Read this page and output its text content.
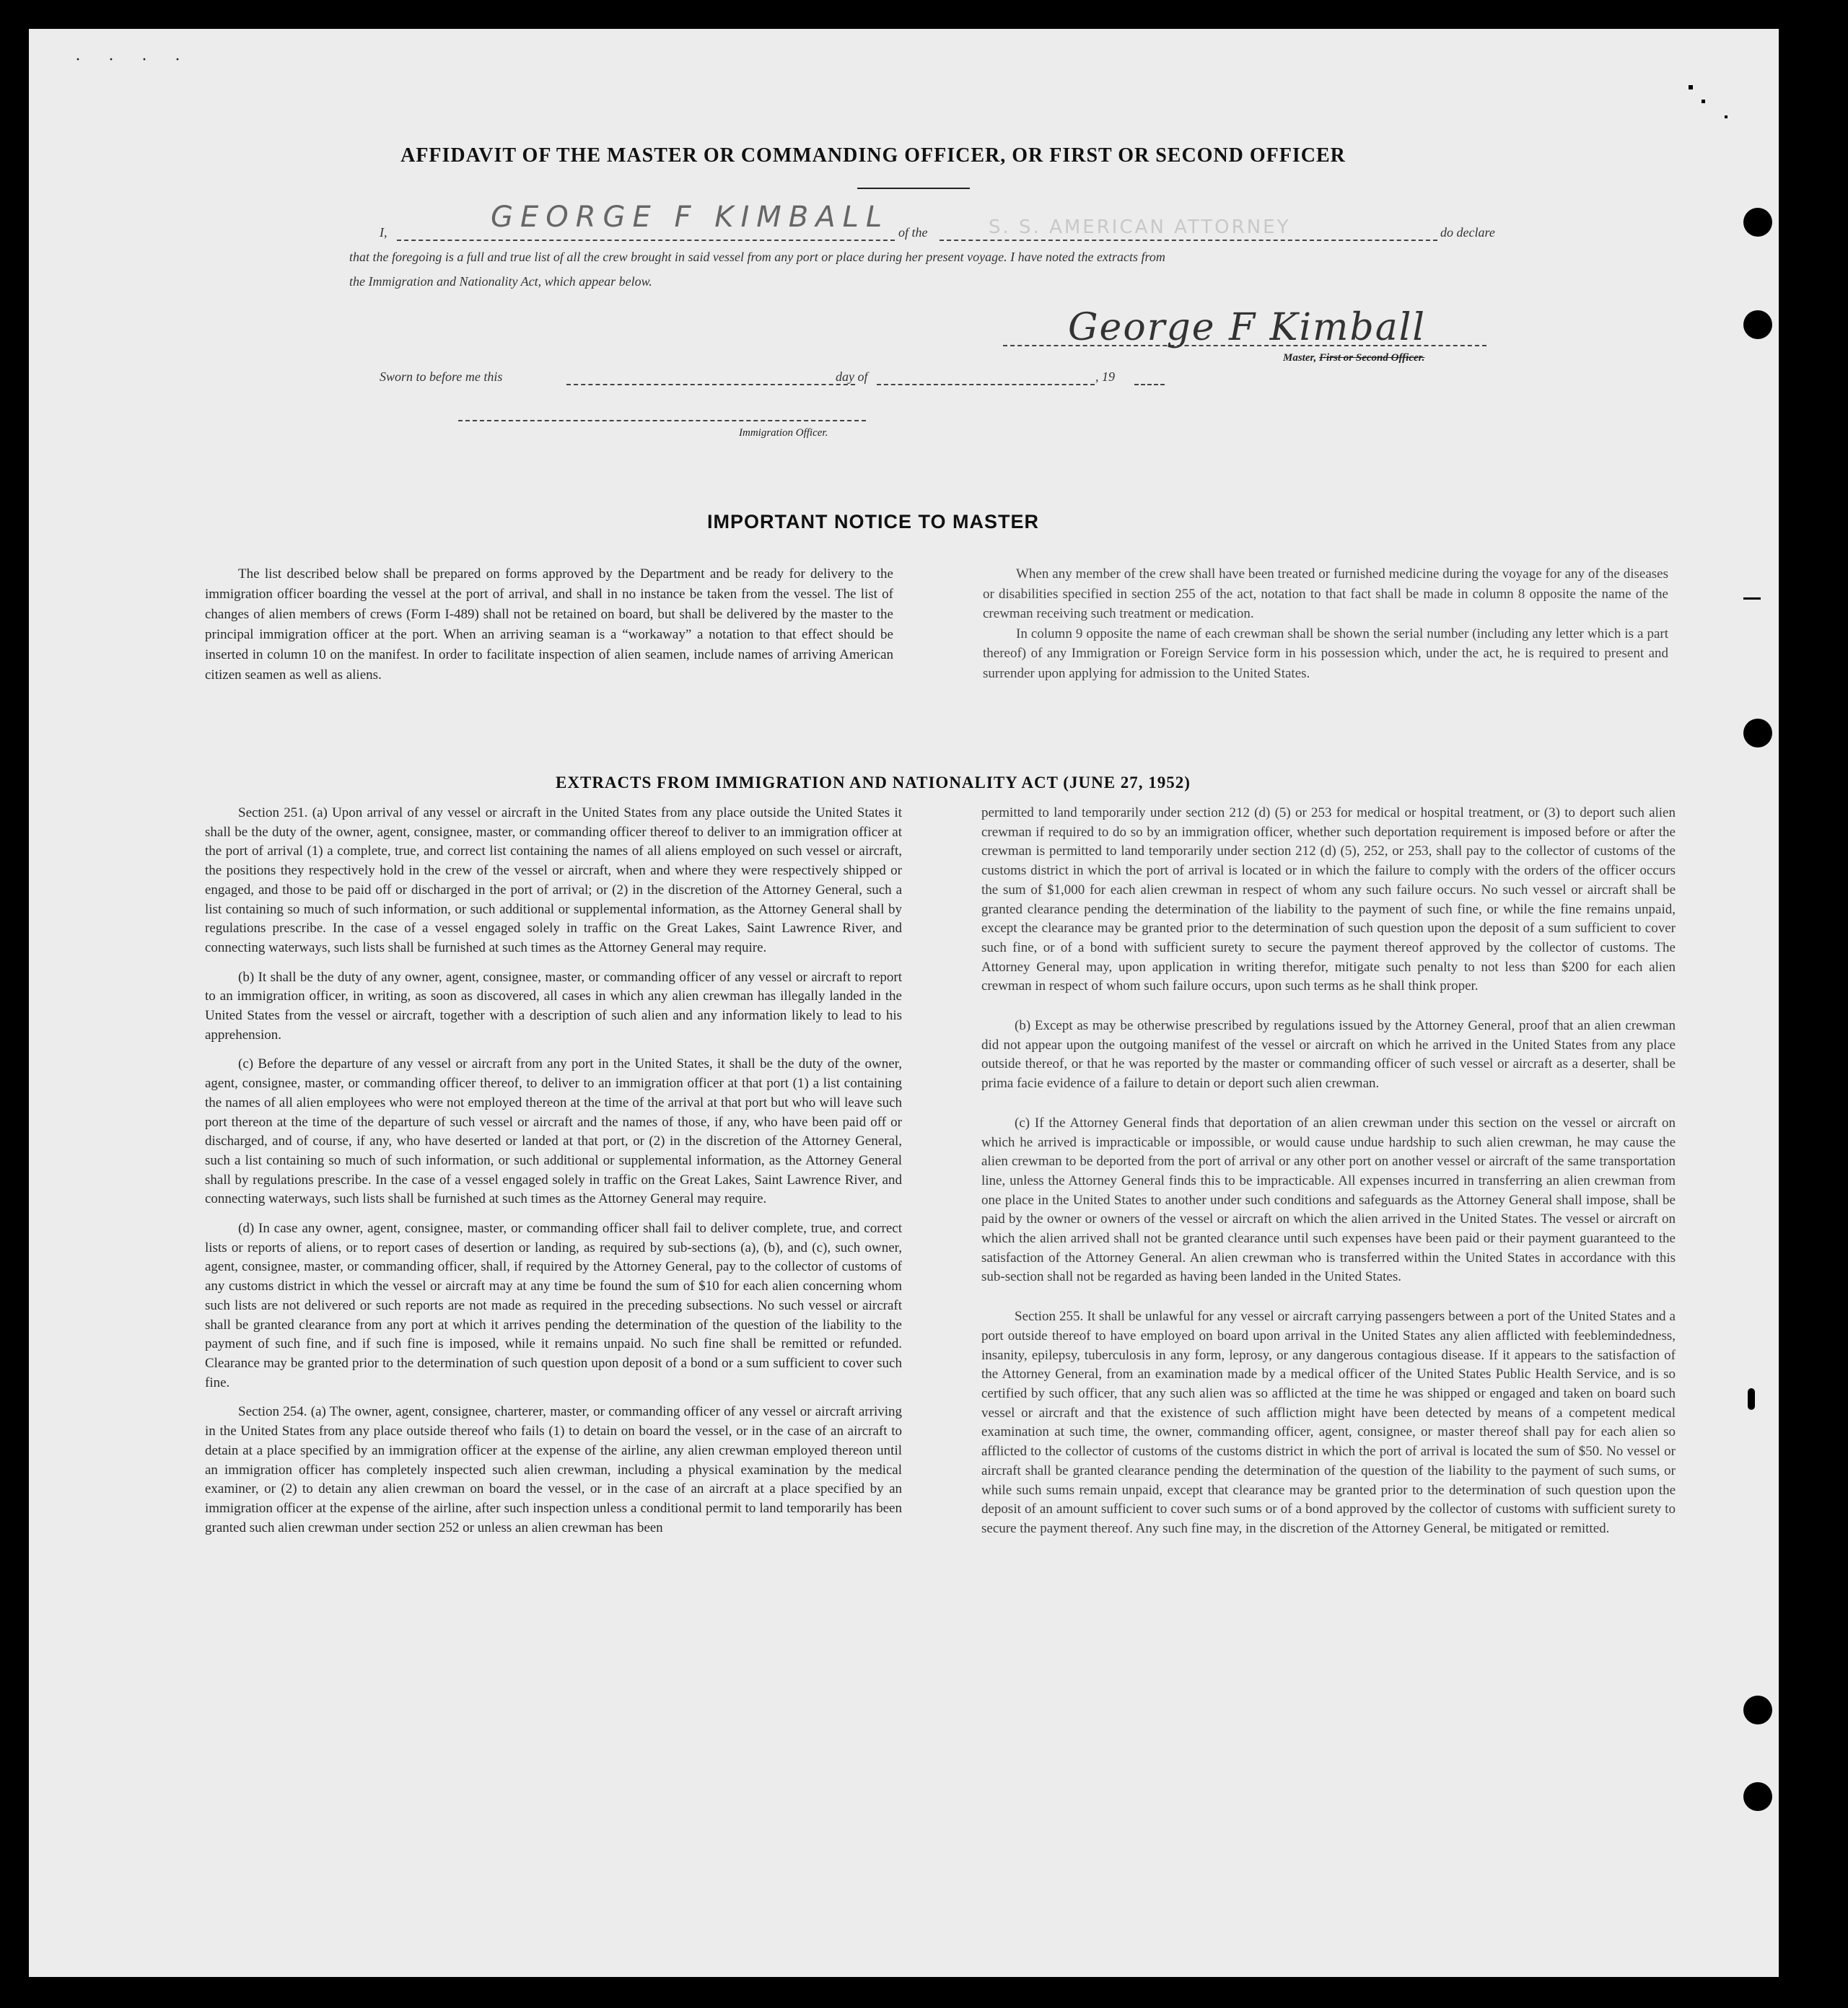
· · · ·
AFFIDAVIT OF THE MASTER OR COMMANDING OFFICER, OR FIRST OR SECOND OFFICER
I,	GEORGE F KIMBALL of the	S. S. AMERICAN ATTORNEY	do declare
that the foregoing is a full and true list of all the crew brought in said vessel from any port or place during her present voyage. I have noted the extracts from
the Immigration and Nationality Act, which appear below.
George F Kimball
Master, First or Second Officer.
Sworn to before me this	day of	, 19
Immigration Officer.
IMPORTANT NOTICE TO MASTER

The list described below shall be prepared on forms approved by the Department and be ready for delivery to the immigration officer boarding the vessel at the port of arrival, and shall in no instance be taken from the vessel. The list of changes of alien members of crews (Form I-489) shall not be retained on board, but shall be delivered by the master to the principal immigration officer at the port. When an arriving seaman is a “workaway” a notation to that effect should be inserted in column 10 on the manifest. In order to facilitate inspection of alien seamen, include names of arriving American citizen seamen as well as aliens.

When any member of the crew shall have been treated or furnished medicine during the voyage for any of the diseases or disabilities specified in section 255 of the act, notation to that fact shall be made in column 8 opposite the name of the crewman receiving such treatment or medication.

In column 9 opposite the name of each crewman shall be shown the serial number (including any letter which is a part thereof) of any Immigration or Foreign Service form in his possession which, under the act, he is required to present and surrender upon applying for admission to the United States.

EXTRACTS FROM IMMIGRATION AND NATIONALITY ACT (JUNE 27, 1952)

Section 251. (a) Upon arrival of any vessel or aircraft in the United States from any place outside the United States it shall be the duty of the owner, agent, consignee, master, or commanding officer thereof to deliver to an immigration officer at the port of arrival (1) a complete, true, and correct list containing the names of all aliens employed on such vessel or aircraft, the positions they respectively hold in the crew of the vessel or aircraft, when and where they were respectively shipped or engaged, and those to be paid off or discharged in the port of arrival; or (2) in the discretion of the Attorney General, such a list containing so much of such information, or such additional or supplemental information, as the Attorney General shall by regulations prescribe. In the case of a vessel engaged solely in traffic on the Great Lakes, Saint Lawrence River, and connecting waterways, such lists shall be furnished at such times as the Attorney General may require.

(b) It shall be the duty of any owner, agent, consignee, master, or commanding officer of any vessel or aircraft to report to an immigration officer, in writing, as soon as discovered, all cases in which any alien crewman has illegally landed in the United States from the vessel or aircraft, together with a description of such alien and any information likely to lead to his apprehension.

(c) Before the departure of any vessel or aircraft from any port in the United States, it shall be the duty of the owner, agent, consignee, master, or commanding officer thereof, to deliver to an immigration officer at that port (1) a list containing the names of all alien employees who were not employed thereon at the time of the arrival at that port but who will leave such port thereon at the time of the departure of such vessel or aircraft and the names of those, if any, who have been paid off or discharged, and of course, if any, who have deserted or landed at that port, or (2) in the discretion of the Attorney General, such a list containing so much of such information, or such additional or supplemental information, as the Attorney General shall by regulations prescribe. In the case of a vessel engaged solely in traffic on the Great Lakes, Saint Lawrence River, and connecting waterways, such lists shall be furnished at such times as the Attorney General may require.

(d) In case any owner, agent, consignee, master, or commanding officer shall fail to deliver complete, true, and correct lists or reports of aliens, or to report cases of desertion or landing, as required by sub-sections (a), (b), and (c), such owner, agent, consignee, master, or commanding officer, shall, if required by the Attorney General, pay to the collector of customs of any customs district in which the vessel or aircraft may at any time be found the sum of $10 for each alien concerning whom such lists are not delivered or such reports are not made as required in the preceding subsections. No such vessel or aircraft shall be granted clearance from any port at which it arrives pending the determination of the question of the liability to the payment of such fine, and if such fine is imposed, while it remains unpaid. No such fine shall be remitted or refunded. Clearance may be granted prior to the determination of such question upon deposit of a bond or a sum sufficient to cover such fine.

Section 254. (a) The owner, agent, consignee, charterer, master, or commanding officer of any vessel or aircraft arriving in the United States from any place outside thereof who fails (1) to detain on board the vessel, or in the case of an aircraft to detain at a place specified by an immigration officer at the expense of the airline, any alien crewman employed thereon until an immigration officer has completely inspected such alien crewman, including a physical examination by the medical examiner, or (2) to detain any alien crewman on board the vessel, or in the case of an aircraft at a place specified by an immigration officer at the expense of the airline, after such inspection unless a conditional permit to land temporarily has been granted such alien crewman under section 252 or unless an alien crewman has been

permitted to land temporarily under section 212 (d) (5) or 253 for medical or hospital treatment, or (3) to deport such alien crewman if required to do so by an immigration officer, whether such deportation requirement is imposed before or after the crewman is permitted to land temporarily under section 212 (d) (5), 252, or 253, shall pay to the collector of customs of the customs district in which the port of arrival is located or in which the failure to comply with the orders of the officer occurs the sum of $1,000 for each alien crewman in respect of whom any such failure occurs. No such vessel or aircraft shall be granted clearance pending the determination of the liability to the payment of such fine, or while the fine remains unpaid, except the clearance may be granted prior to the determination of such question upon the deposit of a sum sufficient to cover such fine, or of a bond with sufficient surety to secure the payment thereof approved by the collector of customs. The Attorney General may, upon application in writing therefor, mitigate such penalty to not less than $200 for each alien crewman in respect of whom such failure occurs, upon such terms as he shall think proper.

(b) Except as may be otherwise prescribed by regulations issued by the Attorney General, proof that an alien crewman did not appear upon the outgoing manifest of the vessel or aircraft on which he arrived in the United States from any place outside thereof, or that he was reported by the master or commanding officer of such vessel or aircraft as a deserter, shall be prima facie evidence of a failure to detain or deport such alien crewman.

(c) If the Attorney General finds that deportation of an alien crewman under this section on the vessel or aircraft on which he arrived is impracticable or impossible, or would cause undue hardship to such alien crewman, he may cause the alien crewman to be deported from the port of arrival or any other port on another vessel or aircraft of the same transportation line, unless the Attorney General finds this to be impracticable. All expenses incurred in transferring an alien crewman from one place in the United States to another under such conditions and safeguards as the Attorney General shall impose, shall be paid by the owner or owners of the vessel or aircraft on which the alien arrived in the United States. The vessel or aircraft on which the alien arrived shall not be granted clearance until such expenses have been paid or their payment guaranteed to the satisfaction of the Attorney General. An alien crewman who is transferred within the United States in accordance with this sub-section shall not be regarded as having been landed in the United States.

Section 255. It shall be unlawful for any vessel or aircraft carrying passengers between a port of the United States and a port outside thereof to have employed on board upon arrival in the United States any alien afflicted with feeblemindedness, insanity, epilepsy, tuberculosis in any form, leprosy, or any dangerous contagious disease. If it appears to the satisfaction of the Attorney General, from an examination made by a medical officer of the United States Public Health Service, and is so certified by such officer, that any such alien was so afflicted at the time he was shipped or engaged and taken on board such vessel or aircraft and that the existence of such affliction might have been detected by means of a competent medical examination at such time, the owner, commanding officer, agent, consignee, or master thereof shall pay for each alien so afflicted to the collector of customs of the customs district in which the port of arrival is located the sum of $50. No vessel or aircraft shall be granted clearance pending the determination of the question of the liability to the payment of such sums, or while such sums remain unpaid, except that clearance may be granted prior to the determination of such question upon the deposit of an amount sufficient to cover such sums or of a bond approved by the collector of customs with sufficient surety to secure the payment thereof. Any such fine may, in the discretion of the Attorney General, be mitigated or remitted.
